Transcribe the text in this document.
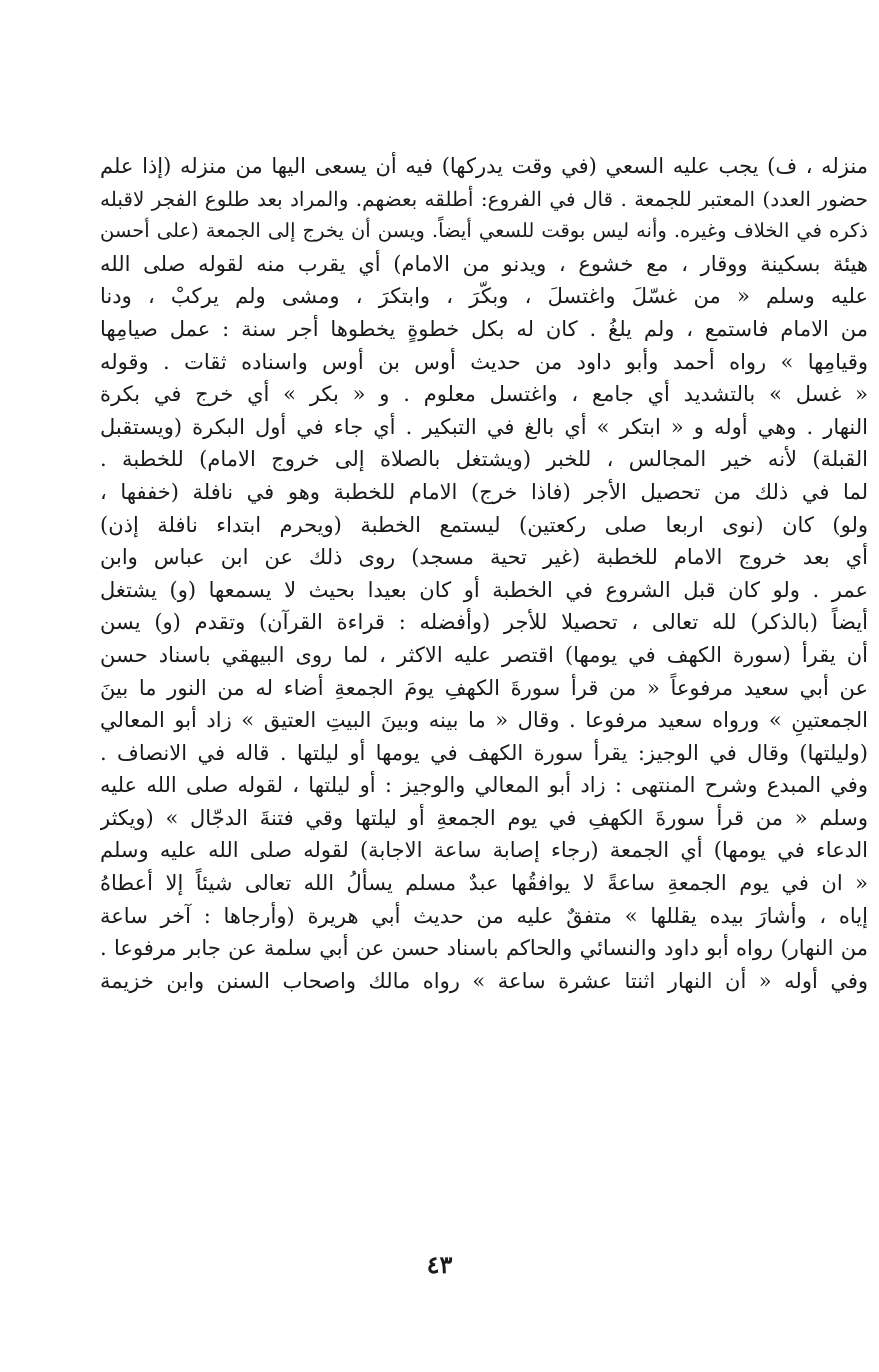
منزله ، ف) يجب عليه السعي (في وقت يدركها) فيه أن يسعى اليها من منزله (إذا علم
حضور العدد) المعتبر للجمعة . قال في الفروع: أطلقه بعضهم. والمراد بعد طلوع الفجر لاقبله
ذكره في الخلاف وغيره. وأنه ليس بوقت للسعي أيضاً. ويسن أن يخرج إلى الجمعة (على أحسن
هيئة بسكينة ووقار ، مع خشوع ، ويدنو من الامام) أي يقرب منه لقوله صلى الله
عليه وسلم « من غسّلَ واغتسلَ ، وبكّرَ ، وابتكرَ ، ومشى ولم يركبْ ، ودنا
من الامام فاستمع ، ولم يلغُ . كان له بكل خطوةٍ يخطوها أجر سنة : عمل صيامِها
وقيامِها » رواه أحمد وأبو داود من حديث أوس بن أوس واسناده ثقات . وقوله
« غسل » بالتشديد أي جامع ، واغتسل معلوم . و « بكر » أي خرج في بكرة
النهار . وهي أوله و « ابتكر » أي بالغ في التبكير . أي جاء في أول البكرة (ويستقبل
القبلة) لأنه خير المجالس ، للخبر (ويشتغل بالصلاة إلى خروج الامام) للخطبة .
لما في ذلك من تحصيل الأجر (فاذا خرج) الامام للخطبة وهو في نافلة (خففها ،
ولو) كان (نوى اربعا صلى ركعتين) ليستمع الخطبة (ويحرم ابتداء نافلة إذن)
أي بعد خروج الامام للخطبة (غير تحية مسجد) روى ذلك عن ابن عباس وابن
عمر . ولو كان قبل الشروع في الخطبة أو كان بعيدا بحيث لا يسمعها (و) يشتغل
أيضاً (بالذكر) لله تعالى ، تحصيلا للأجر (وأفضله : قراءة القرآن) وتقدم (و) يسن
أن يقرأ (سورة الكهف في يومها) اقتصر عليه الاكثر ، لما روى البيهقي باسناد حسن
عن أبي سعيد مرفوعاً « من قرأ سورةَ الكهفِ يومَ الجمعةِ أضاء له من النور ما بينَ
الجمعتينِ » ورواه سعيد مرفوعا . وقال « ما بينه وبينَ البيتِ العتيق » زاد أبو المعالي
(وليلتها) وقال في الوجيز: يقرأ سورة الكهف في يومها أو ليلتها . قاله في الانصاف .
وفي المبدع وشرح المنتهى : زاد أبو المعالي والوجيز : أو ليلتها ، لقوله صلى الله عليه
وسلم « من قرأ سورةَ الكهفِ في يوم الجمعةِ أو ليلتها وقي فتنةَ الدجّال » (ويكثر
الدعاء في يومها) أي الجمعة (رجاء إصابة ساعة الاجابة) لقوله صلى الله عليه وسلم
« ان في يوم الجمعةِ ساعةً لا يوافقُها عبدٌ مسلم يسألُ الله تعالى شيئاً إلا أعطاهُ
إياه ، وأشارَ بيده يقللها » متفقٌ عليه من حديث أبي هريرة (وأرجاها : آخر ساعة
من النهار) رواه أبو داود والنسائي والحاكم باسناد حسن عن أبي سلمة عن جابر مرفوعا .
وفي أوله « أن النهار اثنتا عشرة ساعة » رواه مالك واصحاب السنن وابن خزيمة
٤٣
